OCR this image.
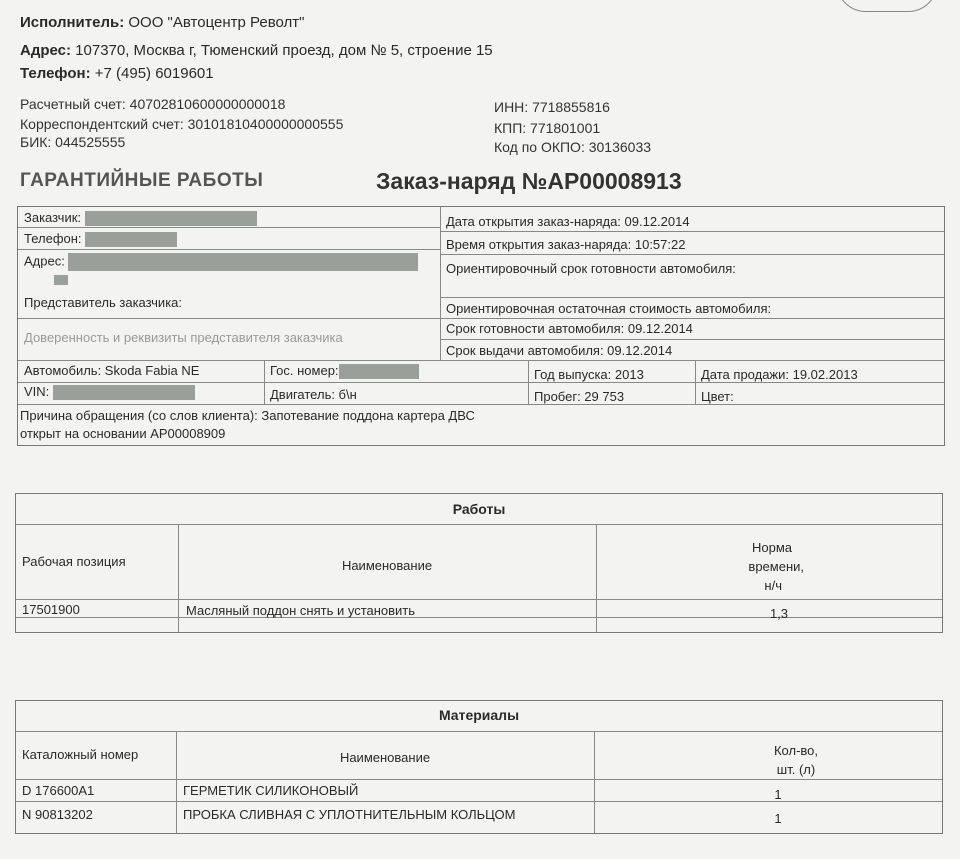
Исполнитель: ООО "Автоцентр Револт"
Адрес: 107370, Москва г, Тюменский проезд, дом № 5, строение 15
Телефон: +7 (495) 6019601
Расчетный счет: 40702810600000000018
Корреспондентский счет: 30101810400000000555
БИК: 044525555
ИНН: 7718855816
КПП: 771801001
Код по ОКПО: 30136033
ГАРАНТИЙНЫЕ РАБОТЫ	Заказ-наряд №АР00008913
Заказчик:
Телефон:
Адрес:
Представитель заказчика:
Доверенность и реквизиты представителя заказчика
Дата открытия заказ-наряда: 09.12.2014
Время открытия заказ-наряда: 10:57:22
Ориентировочный срок готовности автомобиля:
Ориентировочная остаточная стоимость автомобиля:
Срок готовности автомобиля: 09.12.2014
Срок выдачи автомобиля: 09.12.2014
Автомобиль: Skoda Fabia NE	Гос. номер:	Год выпуска: 2013	Дата продажи: 19.02.2013
VIN:	Двигатель: б\н	Пробег: 29 753	Цвет:
Причина обращения (со слов клиента): Запотевание поддона картера ДВС
открыт на основании АР00008909
Работы
Рабочая позиция	Наименование
Норма
времени,
н/ч
17501900	Масляный поддон снять и установить	1,3
Материалы
Каталожный номер	Наименование	Кол-во,
шт. (л)
D 176600A1	ГЕРМЕТИК СИЛИКОНОВЫЙ	1
N 90813202	ПРОБКА СЛИВНАЯ С УПЛОТНИТЕЛЬНЫМ КОЛЬЦОМ	1
